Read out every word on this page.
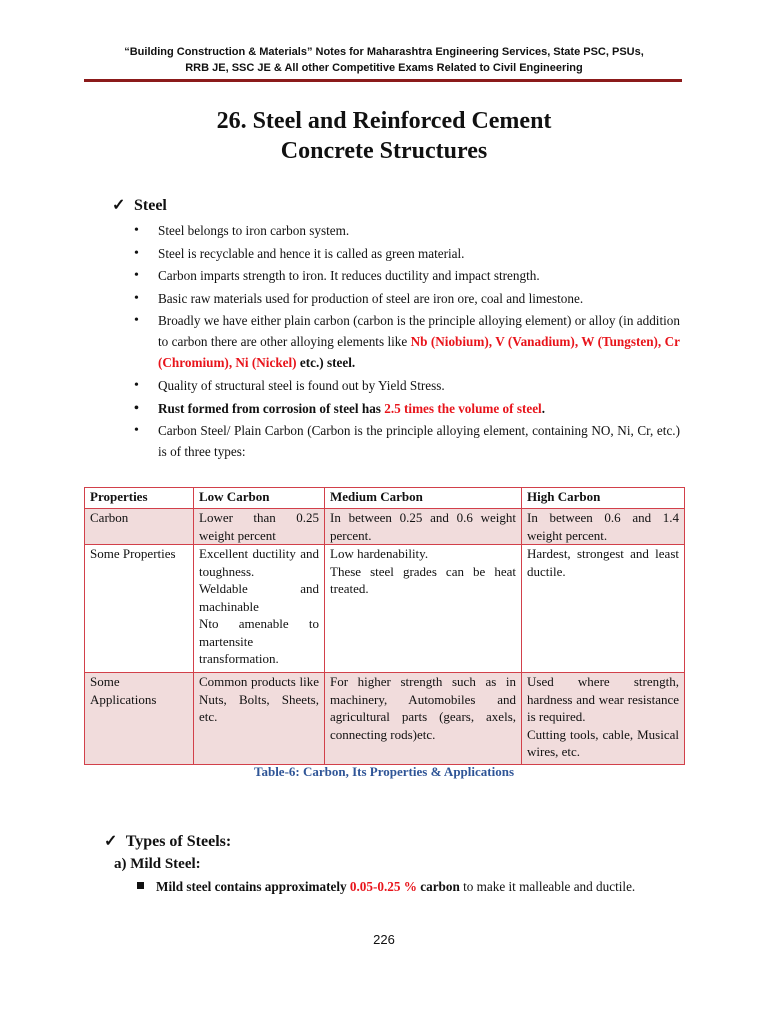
“Building Construction & Materials” Notes for Maharashtra Engineering Services, State PSC, PSUs,
RRB JE, SSC JE & All other Competitive Exams Related to Civil Engineering
26. Steel and Reinforced Cement
Concrete Structures
✓ Steel
• Steel belongs to iron carbon system.
• Steel is recyclable and hence it is called as green material.
• Carbon imparts strength to iron. It reduces ductility and impact strength.
• Basic raw materials used for production of steel are iron ore, coal and limestone.
• Broadly we have either plain carbon (carbon is the principle alloying element) or alloy (in addition to carbon there are other alloying elements like Nb (Niobium), V (Vanadium), W (Tungsten), Cr (Chromium), Ni (Nickel) etc.) steel.
• Quality of structural steel is found out by Yield Stress.
• Rust formed from corrosion of steel has 2.5 times the volume of steel.
• Carbon Steel/ Plain Carbon (Carbon is the principle alloying element, containing NO, Ni, Cr, etc.) is of three types:
Properties	Low Carbon	Medium Carbon	High Carbon
Carbon	Lower than 0.25 weight percent	In between 0.25 and 0.6 weight percent.	In between 0.6 and 1.4 weight percent.
Some Properties	Excellent ductility and toughness.
Weldable and machinable
Nto amenable to martensite transformation.	Low hardenability.
These steel grades can be heat treated.	Hardest, strongest and least ductile.
Some Applications	Common products like Nuts, Bolts, Sheets, etc.	For higher strength such as in machinery, Automobiles and agricultural parts (gears, axels, connecting rods)etc.	Used where strength, hardness and wear resistance is required.
Cutting tools, cable, Musical wires, etc.
Table-6: Carbon, Its Properties & Applications
✓ Types of Steels:
a) Mild Steel:
Mild steel contains approximately 0.05-0.25 % carbon to make it malleable and ductile.
226
